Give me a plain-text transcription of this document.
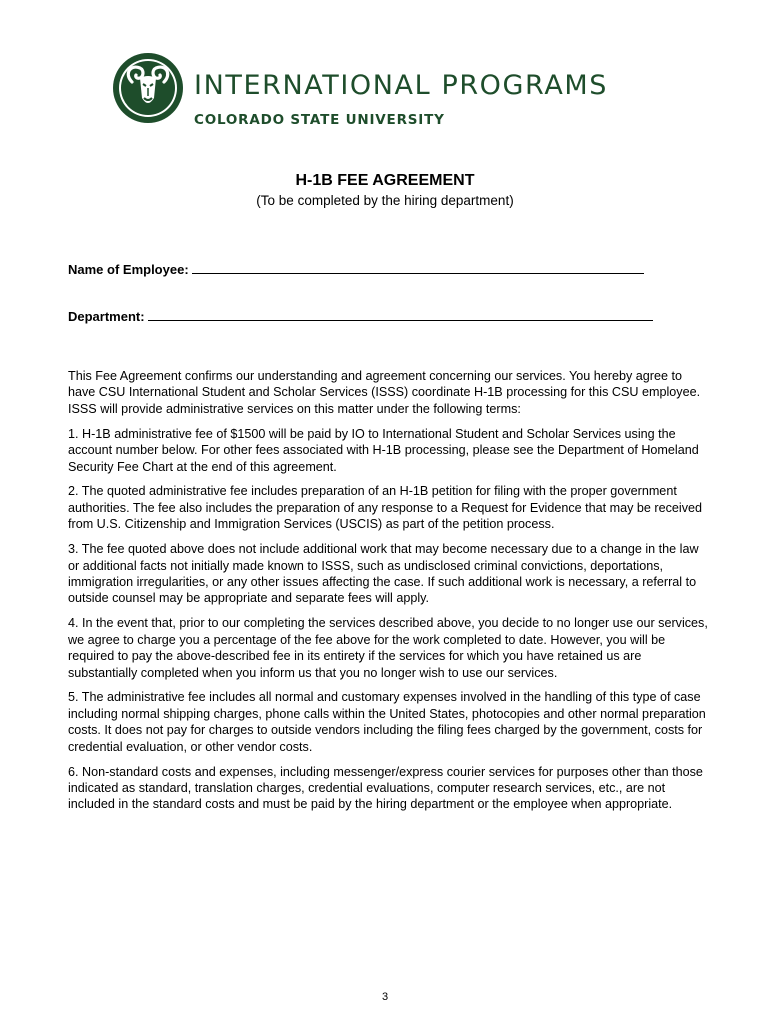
INTERNATIONAL PROGRAMS
COLORADO STATE UNIVERSITY
H-1B FEE AGREEMENT
(To be completed by the hiring department)
Name of Employee:
Department:

This Fee Agreement confirms our understanding and agreement concerning our services. You hereby agree to have CSU International Student and Scholar Services (ISSS) coordinate H-1B processing for this CSU employee. ISSS will provide administrative services on this matter under the following terms:

1. H-1B administrative fee of $1500 will be paid by IO to International Student and Scholar Services using the account number below. For other fees associated with H-1B processing, please see the Department of Homeland Security Fee Chart at the end of this agreement.

2. The quoted administrative fee includes preparation of an H-1B petition for filing with the proper government authorities. The fee also includes the preparation of any response to a Request for Evidence that may be received from U.S. Citizenship and Immigration Services (USCIS) as part of the petition process.

3. The fee quoted above does not include additional work that may become necessary due to a change in the law or additional facts not initially made known to ISSS, such as undisclosed criminal convictions, deportations, immigration irregularities, or any other issues affecting the case. If such additional work is necessary, a referral to outside counsel may be appropriate and separate fees will apply.

4. In the event that, prior to our completing the services described above, you decide to no longer use our services, we agree to charge you a percentage of the fee above for the work completed to date. However, you will be required to pay the above-described fee in its entirety if the services for which you have retained us are substantially completed when you inform us that you no longer wish to use our services.

5. The administrative fee includes all normal and customary expenses involved in the handling of this type of case including normal shipping charges, phone calls within the United States, photocopies and other normal preparation costs. It does not pay for charges to outside vendors including the filing fees charged by the government, costs for credential evaluation, or other vendor costs.

6. Non-standard costs and expenses, including messenger/express courier services for purposes other than those indicated as standard, translation charges, credential evaluations, computer research services, etc., are not included in the standard costs and must be paid by the hiring department or the employee when appropriate.

3
